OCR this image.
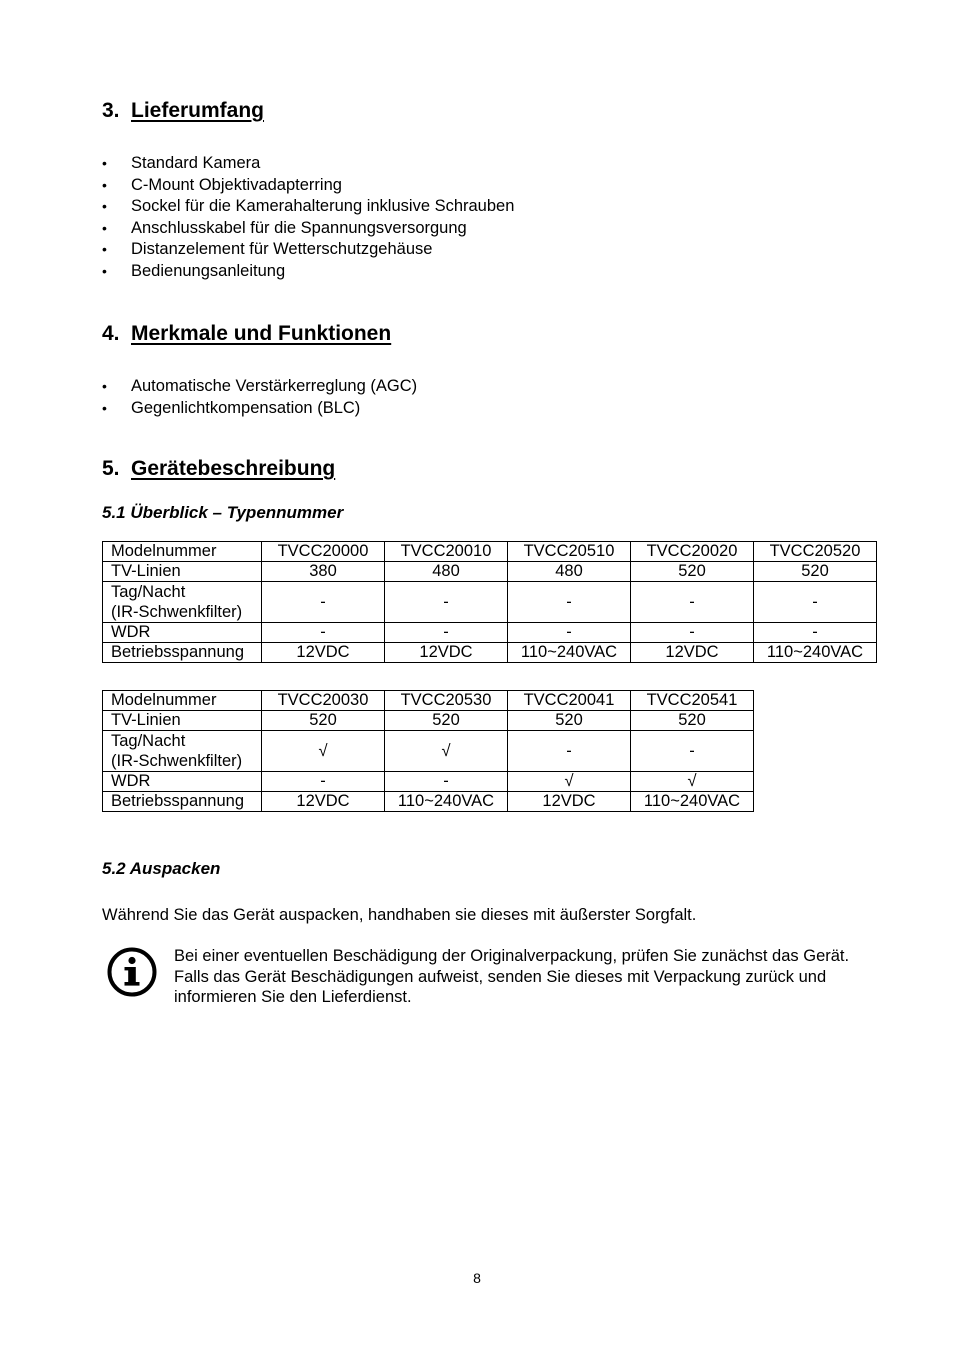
3. Lieferumfang
• Standard Kamera
• C-Mount Objektivadapterring
• Sockel für die Kamerahalterung inklusive Schrauben
• Anschlusskabel für die Spannungsversorgung
• Distanzelement für Wetterschutzgehäuse
• Bedienungsanleitung
4. Merkmale und Funktionen
• Automatische Verstärkerreglung (AGC)
• Gegenlichtkompensation (BLC)
5. Gerätebeschreibung
5.1 Überblick – Typennummer
Modelnummer	TVCC20000	TVCC20010	TVCC20510	TVCC20020	TVCC20520
TV-Linien	380	480	480	520	520
Tag/Nacht
(IR-Schwenkfilter)	-	-	-	-	-
WDR	-	-	-	-	-
Betriebsspannung	12VDC	12VDC	110~240VAC	12VDC	110~240VAC
Modelnummer	TVCC20030	TVCC20530	TVCC20041	TVCC20541
TV-Linien	520	520	520	520
Tag/Nacht
(IR-Schwenkfilter)	√	√	-	-
WDR	-	-	√	√
Betriebsspannung	12VDC	110~240VAC	12VDC	110~240VAC
5.2 Auspacken
Während Sie das Gerät auspacken, handhaben sie dieses mit äußerster Sorgfalt.
Bei einer eventuellen Beschädigung der Originalverpackung, prüfen Sie zunächst das Gerät. Falls das Gerät Beschädigungen aufweist, senden Sie dieses mit Verpackung zurück und informieren Sie den Lieferdienst.
8
